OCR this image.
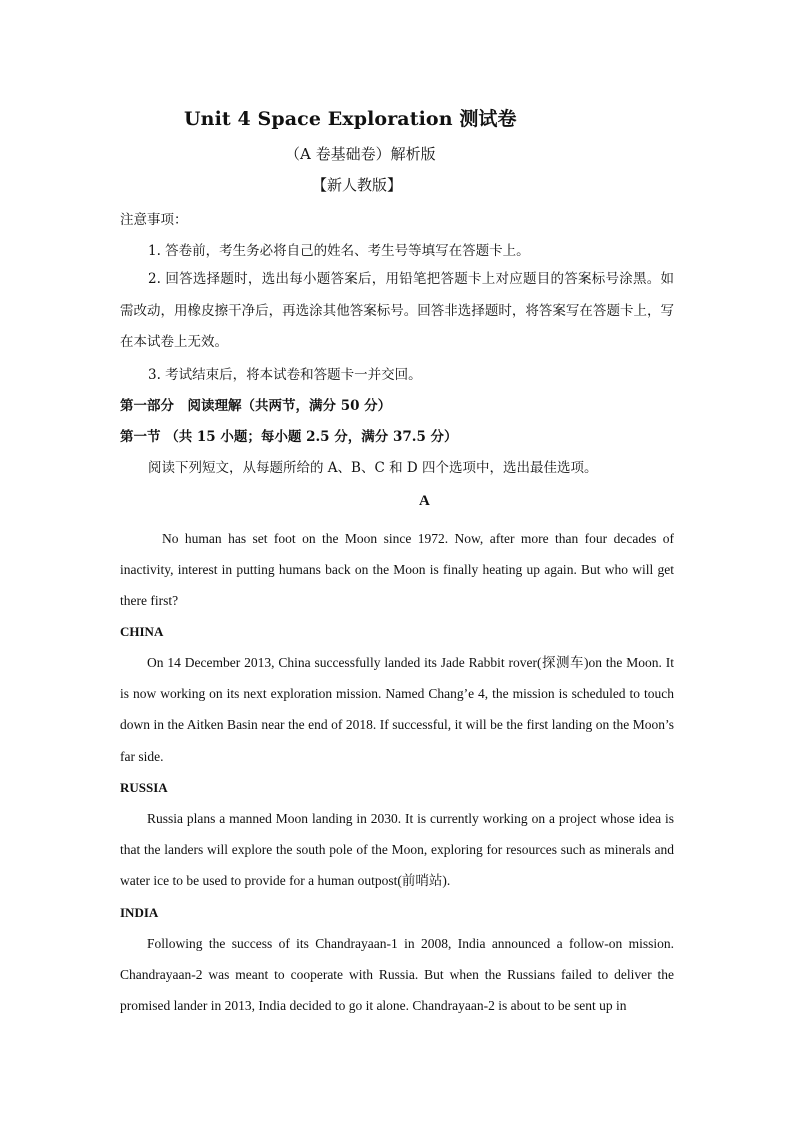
Unit 4 Space Exploration 测试卷
（A 卷基础卷）解析版
【新人教版】
注意事项：
1. 答卷前，考生务必将自己的姓名、考生号等填写在答题卡上。
2. 回答选择题时，选出每小题答案后，用铅笔把答题卡上对应题目的答案标号涂黑。如需改动，用橡皮擦干净后，再选涂其他答案标号。回答非选择题时，将答案写在答题卡上，写在本试卷上无效。
3. 考试结束后，将本试卷和答题卡一并交回。
第一部分　阅读理解（共两节，满分 50 分）
第一节 （共 15 小题；每小题 2.5 分，满分 37.5 分）
阅读下列短文，从每题所给的 A、B、C 和 D 四个选项中，选出最佳选项。
A
No human has set foot on the Moon since 1972. Now, after more than four decades of inactivity, interest in putting humans back on the Moon is finally heating up again. But who will get there first?
CHINA
On 14 December 2013, China successfully landed its Jade Rabbit rover(探测车)on the Moon. It is now working on its next exploration mission. Named Chang’e 4, the mission is scheduled to touch down in the Aitken Basin near the end of 2018. If successful, it will be the first landing on the Moon’s far side.
RUSSIA
Russia plans a manned Moon landing in 2030. It is currently working on a project whose idea is that the landers will explore the south pole of the Moon, exploring for resources such as minerals and water ice to be used to provide for a human outpost(前哨站).
INDIA
Following the success of its Chandrayaan-1 in 2008, India announced a follow-on mission. Chandrayaan-2 was meant to cooperate with Russia. But when the Russians failed to deliver the promised lander in 2013, India decided to go it alone. Chandrayaan-2 is about to be sent up in
